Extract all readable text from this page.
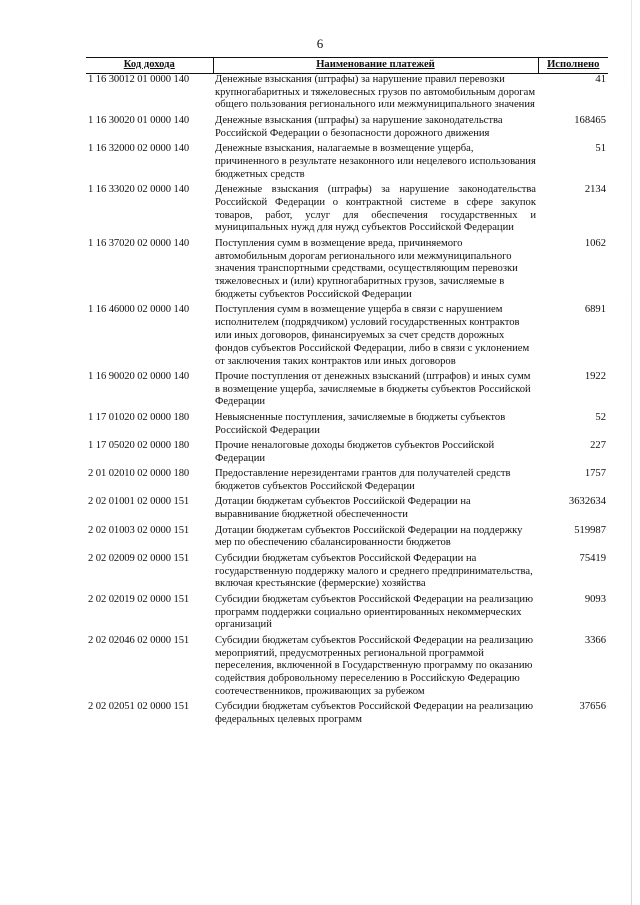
6
Код дохода	Наименование платежей	Исполнено
1 16 30012 01 0000 140	Денежные взыскания (штрафы) за нарушение правил перевозки крупногабаритных и тяжеловесных грузов по автомобильным дорогам общего пользования регионального или межмуниципального значения	41
1 16 30020 01 0000 140	Денежные взыскания (штрафы) за нарушение законодательства Российской Федерации о безопасности дорожного движения	168465
1 16 32000 02 0000 140	Денежные взыскания, налагаемые в возмещение ущерба, причиненного в результате незаконного или нецелевого использования бюджетных средств	51
1 16 33020 02 0000 140	Денежные взыскания (штрафы) за нарушение законодательства Российской Федерации о контрактной системе в сфере закупок товаров, работ, услуг для обеспечения государственных и муниципальных нужд для нужд субъектов Российской Федерации	2134
1 16 37020 02 0000 140	Поступления сумм в возмещение вреда, причиняемого автомобильным дорогам регионального или межмуниципального значения транспортными средствами, осуществляющим перевозки тяжеловесных и (или) крупногабаритных грузов, зачисляемые в бюджеты субъектов Российской Федерации	1062
1 16 46000 02 0000 140	Поступления сумм в возмещение ущерба в связи с нарушением исполнителем (подрядчиком) условий государственных контрактов или иных договоров, финансируемых за счет средств дорожных фондов субъектов Российской Федерации, либо в связи с уклонением от заключения таких контрактов или иных договоров	6891
1 16 90020 02 0000 140	Прочие поступления от денежных взысканий (штрафов) и иных сумм в возмещение ущерба, зачисляемые в бюджеты субъектов Российской Федерации	1922
1 17 01020 02 0000 180	Невыясненные поступления, зачисляемые в бюджеты субъектов Российской Федерации	52
1 17 05020 02 0000 180	Прочие неналоговые доходы бюджетов субъектов Российской Федерации	227
2 01 02010 02 0000 180	Предоставление нерезидентами грантов для получателей средств бюджетов субъектов Российской Федерации	1757
2 02 01001 02 0000 151	Дотации бюджетам субъектов Российской Федерации на выравнивание бюджетной обеспеченности	3632634
2 02 01003 02 0000 151	Дотации бюджетам субъектов Российской Федерации на поддержку мер по обеспечению сбалансированности бюджетов	519987
2 02 02009 02 0000 151	Субсидии бюджетам субъектов Российской Федерации на государственную поддержку малого и среднего предпринимательства, включая крестьянские (фермерские) хозяйства	75419
2 02 02019 02 0000 151	Субсидии бюджетам субъектов Российской Федерации на реализацию программ поддержки социально ориентированных некоммерческих организаций	9093
2 02 02046 02 0000 151	Субсидии бюджетам субъектов Российской Федерации на реализацию мероприятий, предусмотренных региональной программой переселения, включенной в Государственную программу по оказанию содействия добровольному переселению в Российскую Федерацию соотечественников, проживающих за рубежом	3366
2 02 02051 02 0000 151	Субсидии бюджетам субъектов Российской Федерации на реализацию федеральных целевых программ	37656
